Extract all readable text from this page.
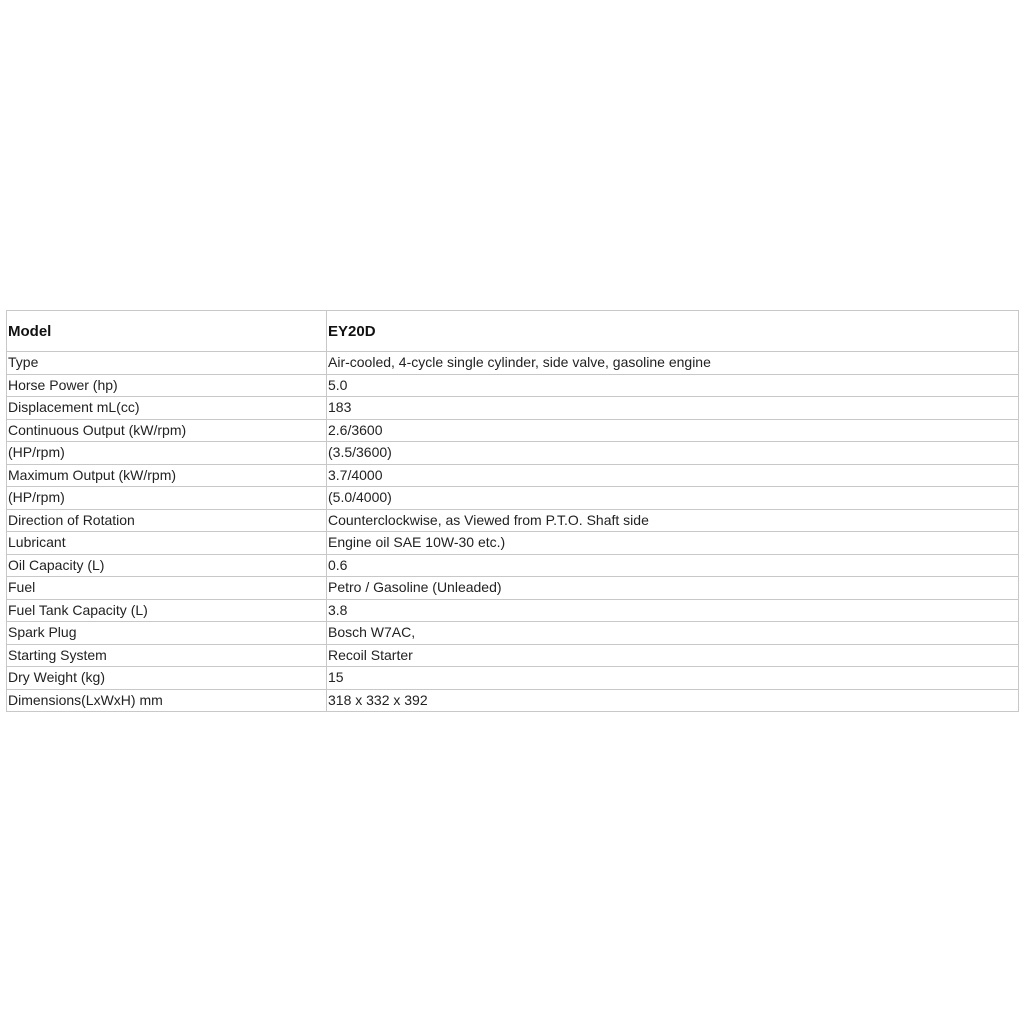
Model	EY20D
Type	Air-cooled, 4-cycle single cylinder, side valve, gasoline engine
Horse Power (hp)	5.0
Displacement mL(cc)	183
Continuous Output (kW/rpm)	2.6/3600
(HP/rpm)	(3.5/3600)
Maximum Output (kW/rpm)	3.7/4000
(HP/rpm)	(5.0/4000)
Direction of Rotation	Counterclockwise, as Viewed from P.T.O. Shaft side
Lubricant	Engine oil SAE 10W-30 etc.)
Oil Capacity (L)	0.6
Fuel	Petro / Gasoline (Unleaded)
Fuel Tank Capacity (L)	3.8
Spark Plug	Bosch W7AC,
Starting System	Recoil Starter
Dry Weight (kg)	15
Dimensions(LxWxH) mm	318 x 332 x 392
